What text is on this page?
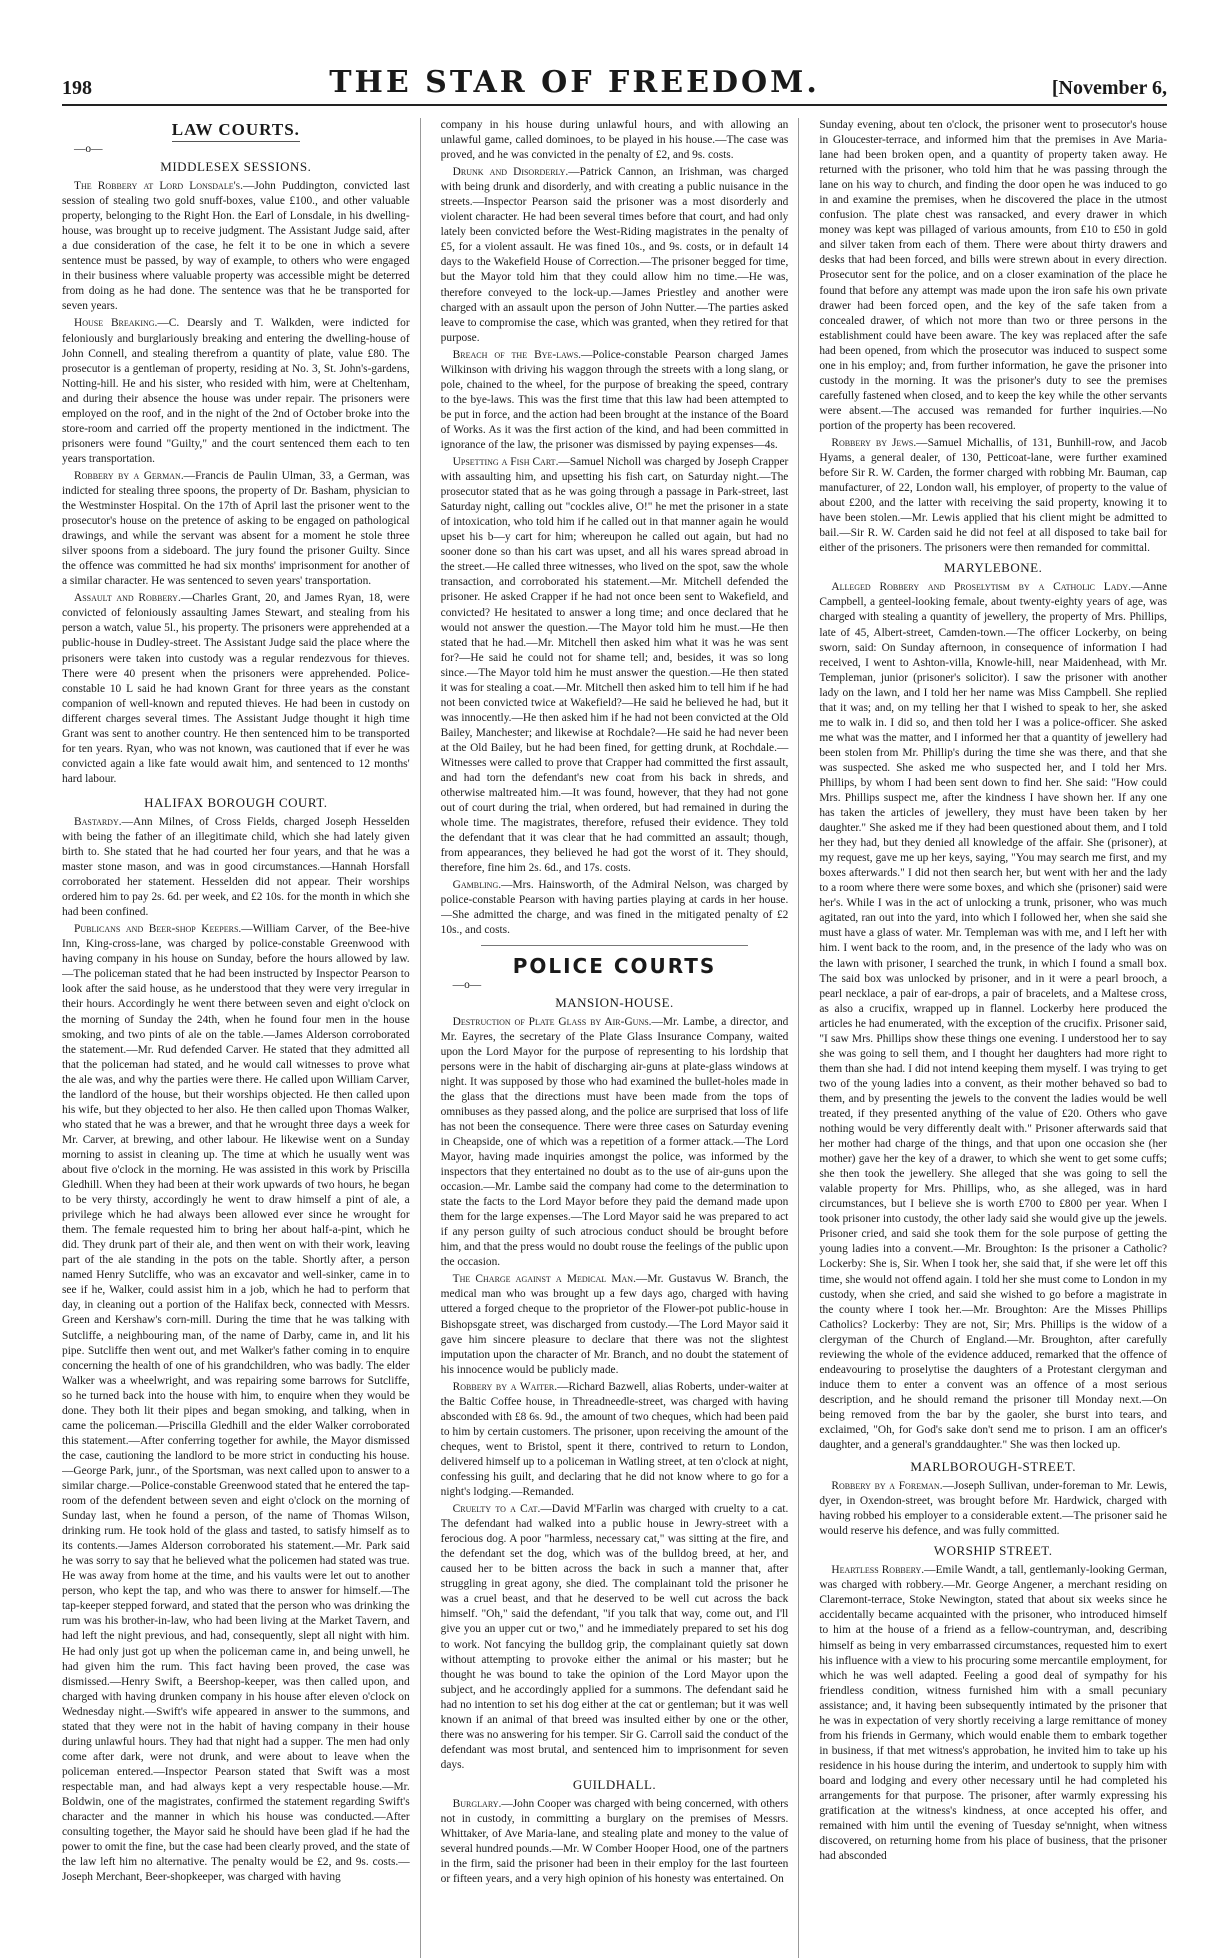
198	THE STAR OF FREEDOM.	[November 6,
LAW COURTS.

—o—

MIDDLESEX SESSIONS.

The Robbery at Lord Lonsdale's.—John Puddington, convicted last session of stealing two gold snuff-boxes, value £100., and other valuable property, belonging to the Right Hon. the Earl of Lonsdale, in his dwelling-house, was brought up to receive judgment. The Assistant Judge said, after a due consideration of the case, he felt it to be one in which a severe sentence must be passed, by way of example, to others who were engaged in their business where valuable property was accessible might be deterred from doing as he had done. The sentence was that he be transported for seven years.

House Breaking.—C. Dearsly and T. Walkden, were indicted for feloniously and burglariously breaking and entering the dwelling-house of John Connell, and stealing therefrom a quantity of plate, value £80. The prosecutor is a gentleman of property, residing at No. 3, St. John's-gardens, Notting-hill. He and his sister, who resided with him, were at Cheltenham, and during their absence the house was under repair. The prisoners were employed on the roof, and in the night of the 2nd of October broke into the store-room and carried off the property mentioned in the indictment. The prisoners were found "Guilty," and the court sentenced them each to ten years transportation.

Robbery by a German.—Francis de Paulin Ulman, 33, a German, was indicted for stealing three spoons, the property of Dr. Basham, physician to the Westminster Hospital. On the 17th of April last the prisoner went to the prosecutor's house on the pretence of asking to be engaged on pathological drawings, and while the servant was absent for a moment he stole three silver spoons from a sideboard. The jury found the prisoner Guilty. Since the offence was committed he had six months' imprisonment for another of a similar character. He was sentenced to seven years' transportation.

Assault and Robbery.—Charles Grant, 20, and James Ryan, 18, were convicted of feloniously assaulting James Stewart, and stealing from his person a watch, value 5l., his property. The prisoners were apprehended at a public-house in Dudley-street. The Assistant Judge said the place where the prisoners were taken into custody was a regular rendezvous for thieves. There were 40 present when the prisoners were apprehended. Police-constable 10 L said he had known Grant for three years as the constant companion of well-known and reputed thieves. He had been in custody on different charges several times. The Assistant Judge thought it high time Grant was sent to another country. He then sentenced him to be transported for ten years. Ryan, who was not known, was cautioned that if ever he was convicted again a like fate would await him, and sentenced to 12 months' hard labour.

HALIFAX BOROUGH COURT.

Bastardy.—Ann Milnes, of Cross Fields, charged Joseph Hesselden with being the father of an illegitimate child, which she had lately given birth to. She stated that he had courted her four years, and that he was a master stone mason, and was in good circumstances.—Hannah Horsfall corroborated her statement. Hesselden did not appear. Their worships ordered him to pay 2s. 6d. per week, and £2 10s. for the month in which she had been confined.

Publicans and Beer-shop Keepers.—William Carver, of the Bee-hive Inn, King-cross-lane, was charged by police-constable Greenwood with having company in his house on Sunday, before the hours allowed by law.—The policeman stated that he had been instructed by Inspector Pearson to look after the said house, as he understood that they were very irregular in their hours. Accordingly he went there between seven and eight o'clock on the morning of Sunday the 24th, when he found four men in the house smoking, and two pints of ale on the table.—James Alderson corroborated the statement.—Mr. Rud defended Carver. He stated that they admitted all that the policeman had stated, and he would call witnesses to prove what the ale was, and why the parties were there. He called upon William Carver, the landlord of the house, but their worships objected. He then called upon his wife, but they objected to her also. He then called upon Thomas Walker, who stated that he was a brewer, and that he wrought three days a week for Mr. Carver, at brewing, and other labour. He likewise went on a Sunday morning to assist in cleaning up. The time at which he usually went was about five o'clock in the morning. He was assisted in this work by Priscilla Gledhill. When they had been at their work upwards of two hours, he began to be very thirsty, accordingly he went to draw himself a pint of ale, a privilege which he had always been allowed ever since he wrought for them. The female requested him to bring her about half-a-pint, which he did. They drunk part of their ale, and then went on with their work, leaving part of the ale standing in the pots on the table. Shortly after, a person named Henry Sutcliffe, who was an excavator and well-sinker, came in to see if he, Walker, could assist him in a job, which he had to perform that day, in cleaning out a portion of the Halifax beck, connected with Messrs. Green and Kershaw's corn-mill. During the time that he was talking with Sutcliffe, a neighbouring man, of the name of Darby, came in, and lit his pipe. Sutcliffe then went out, and met Walker's father coming in to enquire concerning the health of one of his grandchildren, who was badly. The elder Walker was a wheelwright, and was repairing some barrows for Sutcliffe, so he turned back into the house with him, to enquire when they would be done. They both lit their pipes and began smoking, and talking, when in came the policeman.—Priscilla Gledhill and the elder Walker corroborated this statement.—After conferring together for awhile, the Mayor dismissed the case, cautioning the landlord to be more strict in conducting his house.—George Park, junr., of the Sportsman, was next called upon to answer to a similar charge.—Police-constable Greenwood stated that he entered the tap-room of the defendent between seven and eight o'clock on the morning of Sunday last, when he found a person, of the name of Thomas Wilson, drinking rum. He took hold of the glass and tasted, to satisfy himself as to its contents.—James Alderson corroborated his statement.—Mr. Park said he was sorry to say that he believed what the policemen had stated was true. He was away from home at the time, and his vaults were let out to another person, who kept the tap, and who was there to answer for himself.—The tap-keeper stepped forward, and stated that the person who was drinking the rum was his brother-in-law, who had been living at the Market Tavern, and had left the night previous, and had, consequently, slept all night with him. He had only just got up when the policeman came in, and being unwell, he had given him the rum. This fact having been proved, the case was dismissed.—Henry Swift, a Beershop-keeper, was then called upon, and charged with having drunken company in his house after eleven o'clock on Wednesday night.—Swift's wife appeared in answer to the summons, and stated that they were not in the habit of having company in their house during unlawful hours. They had that night had a supper. The men had only come after dark, were not drunk, and were about to leave when the policeman entered.—Inspector Pearson stated that Swift was a most respectable man, and had always kept a very respectable house.—Mr. Boldwin, one of the magistrates, confirmed the statement regarding Swift's character and the manner in which his house was conducted.—After consulting together, the Mayor said he should have been glad if he had the power to omit the fine, but the case had been clearly proved, and the state of the law left him no alternative. The penalty would be £2, and 9s. costs.—Joseph Merchant, Beer-shopkeeper, was charged with having

company in his house during unlawful hours, and with allowing an unlawful game, called dominoes, to be played in his house.—The case was proved, and he was convicted in the penalty of £2, and 9s. costs.

Drunk and Disorderly.—Patrick Cannon, an Irishman, was charged with being drunk and disorderly, and with creating a public nuisance in the streets.—Inspector Pearson said the prisoner was a most disorderly and violent character. He had been several times before that court, and had only lately been convicted before the West-Riding magistrates in the penalty of £5, for a violent assault. He was fined 10s., and 9s. costs, or in default 14 days to the Wakefield House of Correction.—The prisoner begged for time, but the Mayor told him that they could allow him no time.—He was, therefore conveyed to the lock-up.—James Priestley and another were charged with an assault upon the person of John Nutter.—The parties asked leave to compromise the case, which was granted, when they retired for that purpose.

Breach of the Bye-laws.—Police-constable Pearson charged James Wilkinson with driving his waggon through the streets with a long slang, or pole, chained to the wheel, for the purpose of breaking the speed, contrary to the bye-laws. This was the first time that this law had been attempted to be put in force, and the action had been brought at the instance of the Board of Works. As it was the first action of the kind, and had been committed in ignorance of the law, the prisoner was dismissed by paying expenses—4s.

Upsetting a Fish Cart.—Samuel Nicholl was charged by Joseph Crapper with assaulting him, and upsetting his fish cart, on Saturday night.—The prosecutor stated that as he was going through a passage in Park-street, last Saturday night, calling out "cockles alive, O!" he met the prisoner in a state of intoxication, who told him if he called out in that manner again he would upset his b—y cart for him; whereupon he called out again, but had no sooner done so than his cart was upset, and all his wares spread abroad in the street.—He called three witnesses, who lived on the spot, saw the whole transaction, and corroborated his statement.—Mr. Mitchell defended the prisoner. He asked Crapper if he had not once been sent to Wakefield, and convicted? He hesitated to answer a long time; and once declared that he would not answer the question.—The Mayor told him he must.—He then stated that he had.—Mr. Mitchell then asked him what it was he was sent for?—He said he could not for shame tell; and, besides, it was so long since.—The Mayor told him he must answer the question.—He then stated it was for stealing a coat.—Mr. Mitchell then asked him to tell him if he had not been convicted twice at Wakefield?—He said he believed he had, but it was innocently.—He then asked him if he had not been convicted at the Old Bailey, Manchester; and likewise at Rochdale?—He said he had never been at the Old Bailey, but he had been fined, for getting drunk, at Rochdale.—Witnesses were called to prove that Crapper had committed the first assault, and had torn the defendant's new coat from his back in shreds, and otherwise maltreated him.—It was found, however, that they had not gone out of court during the trial, when ordered, but had remained in during the whole time. The magistrates, therefore, refused their evidence. They told the defendant that it was clear that he had committed an assault; though, from appearances, they believed he had got the worst of it. They should, therefore, fine him 2s. 6d., and 17s. costs.

Gambling.—Mrs. Hainsworth, of the Admiral Nelson, was charged by police-constable Pearson with having parties playing at cards in her house.—She admitted the charge, and was fined in the mitigated penalty of £2 10s., and costs.

POLICE COURTS

—o—

MANSION-HOUSE.

Destruction of Plate Glass by Air-Guns.—Mr. Lambe, a director, and Mr. Eayres, the secretary of the Plate Glass Insurance Company, waited upon the Lord Mayor for the purpose of representing to his lordship that persons were in the habit of discharging air-guns at plate-glass windows at night. It was supposed by those who had examined the bullet-holes made in the glass that the directions must have been made from the tops of omnibuses as they passed along, and the police are surprised that loss of life has not been the consequence. There were three cases on Saturday evening in Cheapside, one of which was a repetition of a former attack.—The Lord Mayor, having made inquiries amongst the police, was informed by the inspectors that they entertained no doubt as to the use of air-guns upon the occasion.—Mr. Lambe said the company had come to the determination to state the facts to the Lord Mayor before they paid the demand made upon them for the large expenses.—The Lord Mayor said he was prepared to act if any person guilty of such atrocious conduct should be brought before him, and that the press would no doubt rouse the feelings of the public upon the occasion.

The Charge against a Medical Man.—Mr. Gustavus W. Branch, the medical man who was brought up a few days ago, charged with having uttered a forged cheque to the proprietor of the Flower-pot public-house in Bishopsgate street, was discharged from custody.—The Lord Mayor said it gave him sincere pleasure to declare that there was not the slightest imputation upon the character of Mr. Branch, and no doubt the statement of his innocence would be publicly made.

Robbery by a Waiter.—Richard Bazwell, alias Roberts, under-waiter at the Baltic Coffee house, in Threadneedle-street, was charged with having absconded with £8 6s. 9d., the amount of two cheques, which had been paid to him by certain customers. The prisoner, upon receiving the amount of the cheques, went to Bristol, spent it there, contrived to return to London, delivered himself up to a policeman in Watling street, at ten o'clock at night, confessing his guilt, and declaring that he did not know where to go for a night's lodging.—Remanded.

Cruelty to a Cat.—David M'Farlin was charged with cruelty to a cat. The defendant had walked into a public house in Jewry-street with a ferocious dog. A poor "harmless, necessary cat," was sitting at the fire, and the defendant set the dog, which was of the bulldog breed, at her, and caused her to be bitten across the back in such a manner that, after struggling in great agony, she died. The complainant told the prisoner he was a cruel beast, and that he deserved to be well cut across the back himself. "Oh," said the defendant, "if you talk that way, come out, and I'll give you an upper cut or two," and he immediately prepared to set his dog to work. Not fancying the bulldog grip, the complainant quietly sat down without attempting to provoke either the animal or his master; but he thought he was bound to take the opinion of the Lord Mayor upon the subject, and he accordingly applied for a summons. The defendant said he had no intention to set his dog either at the cat or gentleman; but it was well known if an animal of that breed was insulted either by one or the other, there was no answering for his temper. Sir G. Carroll said the conduct of the defendant was most brutal, and sentenced him to imprisonment for seven days.

GUILDHALL.

Burglary.—John Cooper was charged with being concerned, with others not in custody, in committing a burglary on the premises of Messrs. Whittaker, of Ave Maria-lane, and stealing plate and money to the value of several hundred pounds.—Mr. W Comber Hooper Hood, one of the partners in the firm, said the prisoner had been in their employ for the last fourteen or fifteen years, and a very high opinion of his honesty was entertained. On

Sunday evening, about ten o'clock, the prisoner went to prosecutor's house in Gloucester-terrace, and informed him that the premises in Ave Maria-lane had been broken open, and a quantity of property taken away. He returned with the prisoner, who told him that he was passing through the lane on his way to church, and finding the door open he was induced to go in and examine the premises, when he discovered the place in the utmost confusion. The plate chest was ransacked, and every drawer in which money was kept was pillaged of various amounts, from £10 to £50 in gold and silver taken from each of them. There were about thirty drawers and desks that had been forced, and bills were strewn about in every direction. Prosecutor sent for the police, and on a closer examination of the place he found that before any attempt was made upon the iron safe his own private drawer had been forced open, and the key of the safe taken from a concealed drawer, of which not more than two or three persons in the establishment could have been aware. The key was replaced after the safe had been opened, from which the prosecutor was induced to suspect some one in his employ; and, from further information, he gave the prisoner into custody in the morning. It was the prisoner's duty to see the premises carefully fastened when closed, and to keep the key while the other servants were absent.—The accused was remanded for further inquiries.—No portion of the property has been recovered.

Robbery by Jews.—Samuel Michallis, of 131, Bunhill-row, and Jacob Hyams, a general dealer, of 130, Petticoat-lane, were further examined before Sir R. W. Carden, the former charged with robbing Mr. Bauman, cap manufacturer, of 22, London wall, his employer, of property to the value of about £200, and the latter with receiving the said property, knowing it to have been stolen.—Mr. Lewis applied that his client might be admitted to bail.—Sir R. W. Carden said he did not feel at all disposed to take bail for either of the prisoners. The prisoners were then remanded for committal.

MARYLEBONE.

Alleged Robbery and Proselytism by a Catholic Lady.—Anne Campbell, a genteel-looking female, about twenty-eighty years of age, was charged with stealing a quantity of jewellery, the property of Mrs. Phillips, late of 45, Albert-street, Camden-town.—The officer Lockerby, on being sworn, said: On Sunday afternoon, in consequence of information I had received, I went to Ashton-villa, Knowle-hill, near Maidenhead, with Mr. Templeman, junior (prisoner's solicitor). I saw the prisoner with another lady on the lawn, and I told her her name was Miss Campbell. She replied that it was; and, on my telling her that I wished to speak to her, she asked me to walk in. I did so, and then told her I was a police-officer. She asked me what was the matter, and I informed her that a quantity of jewellery had been stolen from Mr. Phillip's during the time she was there, and that she was suspected. She asked me who suspected her, and I told her Mrs. Phillips, by whom I had been sent down to find her. She said: "How could Mrs. Phillips suspect me, after the kindness I have shown her. If any one has taken the articles of jewellery, they must have been taken by her daughter." She asked me if they had been questioned about them, and I told her they had, but they denied all knowledge of the affair. She (prisoner), at my request, gave me up her keys, saying, "You may search me first, and my boxes afterwards." I did not then search her, but went with her and the lady to a room where there were some boxes, and which she (prisoner) said were her's. While I was in the act of unlocking a trunk, prisoner, who was much agitated, ran out into the yard, into which I followed her, when she said she must have a glass of water. Mr. Templeman was with me, and I left her with him. I went back to the room, and, in the presence of the lady who was on the lawn with prisoner, I searched the trunk, in which I found a small box. The said box was unlocked by prisoner, and in it were a pearl brooch, a pearl necklace, a pair of ear-drops, a pair of bracelets, and a Maltese cross, as also a crucifix, wrapped up in flannel. Lockerby here produced the articles he had enumerated, with the exception of the crucifix. Prisoner said, "I saw Mrs. Phillips show these things one evening. I understood her to say she was going to sell them, and I thought her daughters had more right to them than she had. I did not intend keeping them myself. I was trying to get two of the young ladies into a convent, as their mother behaved so bad to them, and by presenting the jewels to the convent the ladies would be well treated, if they presented anything of the value of £20. Others who gave nothing would be very differently dealt with." Prisoner afterwards said that her mother had charge of the things, and that upon one occasion she (her mother) gave her the key of a drawer, to which she went to get some cuffs; she then took the jewellery. She alleged that she was going to sell the valable property for Mrs. Phillips, who, as she alleged, was in hard circumstances, but I believe she is worth £700 to £800 per year. When I took prisoner into custody, the other lady said she would give up the jewels. Prisoner cried, and said she took them for the sole purpose of getting the young ladies into a convent.—Mr. Broughton: Is the prisoner a Catholic? Lockerby: She is, Sir. When I took her, she said that, if she were let off this time, she would not offend again. I told her she must come to London in my custody, when she cried, and said she wished to go before a magistrate in the county where I took her.—Mr. Broughton: Are the Misses Phillips Catholics? Lockerby: They are not, Sir; Mrs. Phillips is the widow of a clergyman of the Church of England.—Mr. Broughton, after carefully reviewing the whole of the evidence adduced, remarked that the offence of endeavouring to proselytise the daughters of a Protestant clergyman and induce them to enter a convent was an offence of a most serious description, and he should remand the prisoner till Monday next.—On being removed from the bar by the gaoler, she burst into tears, and exclaimed, "Oh, for God's sake don't send me to prison. I am an officer's daughter, and a general's granddaughter." She was then locked up.

MARLBOROUGH-STREET.

Robbery by a Foreman.—Joseph Sullivan, under-foreman to Mr. Lewis, dyer, in Oxendon-street, was brought before Mr. Hardwick, charged with having robbed his employer to a considerable extent.—The prisoner said he would reserve his defence, and was fully committed.

WORSHIP STREET.

Heartless Robbery.—Emile Wandt, a tall, gentlemanly-looking German, was charged with robbery.—Mr. George Angener, a merchant residing on Claremont-terrace, Stoke Newington, stated that about six weeks since he accidentally became acquainted with the prisoner, who introduced himself to him at the house of a friend as a fellow-countryman, and, describing himself as being in very embarrassed circumstances, requested him to exert his influence with a view to his procuring some mercantile employment, for which he was well adapted. Feeling a good deal of sympathy for his friendless condition, witness furnished him with a small pecuniary assistance; and, it having been subsequently intimated by the prisoner that he was in expectation of very shortly receiving a large remittance of money from his friends in Germany, which would enable them to embark together in business, if that met witness's approbation, he invited him to take up his residence in his house during the interim, and undertook to supply him with board and lodging and every other necessary until he had completed his arrangements for that purpose. The prisoner, after warmly expressing his gratification at the witness's kindness, at once accepted his offer, and remained with him until the evening of Tuesday se'nnight, when witness discovered, on returning home from his place of business, that the prisoner had absconded
